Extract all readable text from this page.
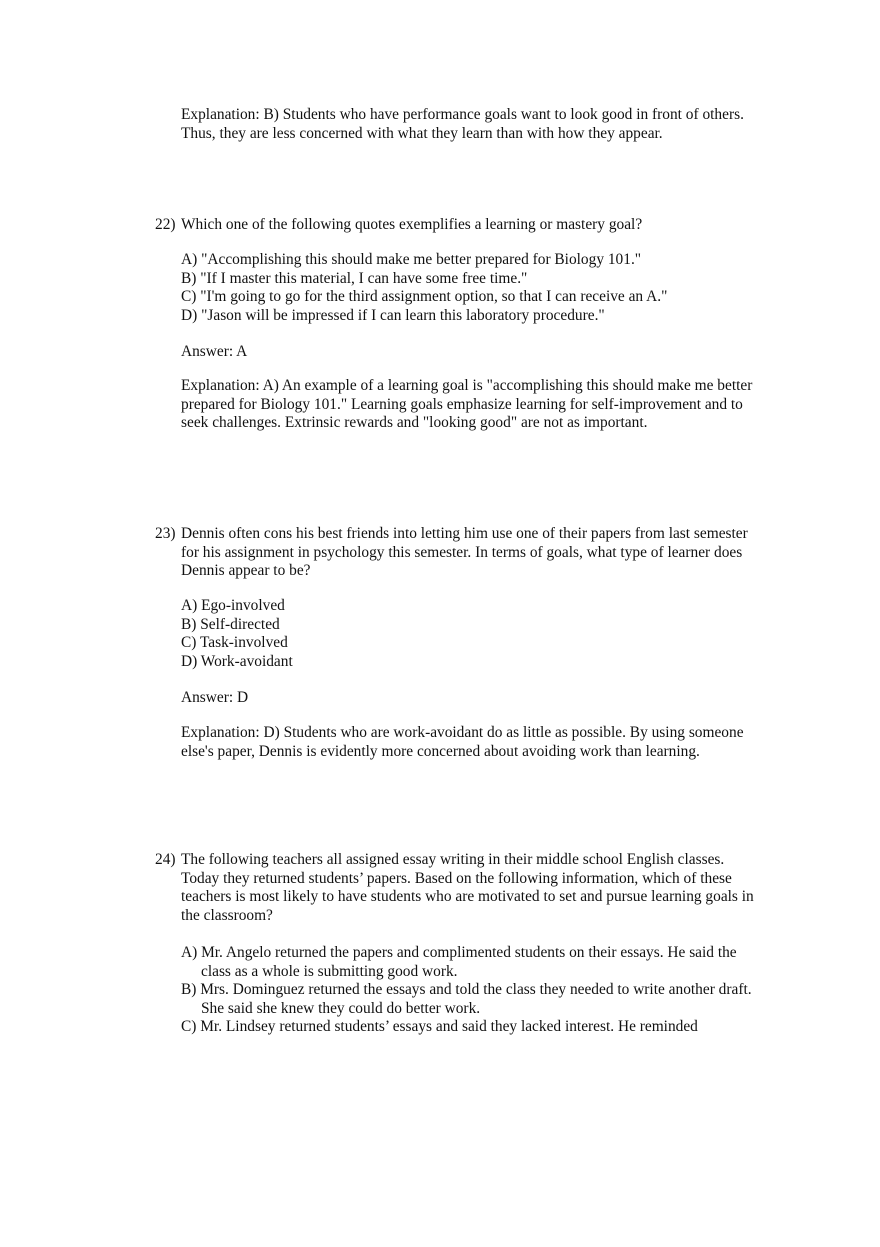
Explanation: B) Students who have performance goals want to look good in front of others. Thus, they are less concerned with what they learn than with how they appear.

22) Which one of the following quotes exemplifies a learning or mastery goal?

A) "Accomplishing this should make me better prepared for Biology 101."

B) "If I master this material, I can have some free time."

C) "I'm going to go for the third assignment option, so that I can receive an A."

D) "Jason will be impressed if I can learn this laboratory procedure."

Answer: A

Explanation: A) An example of a learning goal is "accomplishing this should make me better prepared for Biology 101." Learning goals emphasize learning for self-improvement and to seek challenges. Extrinsic rewards and "looking good" are not as important.

23) Dennis often cons his best friends into letting him use one of their papers from last semester for his assignment in psychology this semester. In terms of goals, what type of learner does Dennis appear to be?

A) Ego-involved

B) Self-directed

C) Task-involved

D) Work-avoidant

Answer: D

Explanation: D) Students who are work-avoidant do as little as possible. By using someone else's paper, Dennis is evidently more concerned about avoiding work than learning.

24) The following teachers all assigned essay writing in their middle school English classes. Today they returned students’ papers. Based on the following information, which of these teachers is most likely to have students who are motivated to set and pursue learning goals in the classroom?

A) Mr. Angelo returned the papers and complimented students on their essays. He said the class as a whole is submitting good work.

B) Mrs. Dominguez returned the essays and told the class they needed to write another draft. She said she knew they could do better work.

C) Mr. Lindsey returned students’ essays and said they lacked interest. He reminded
